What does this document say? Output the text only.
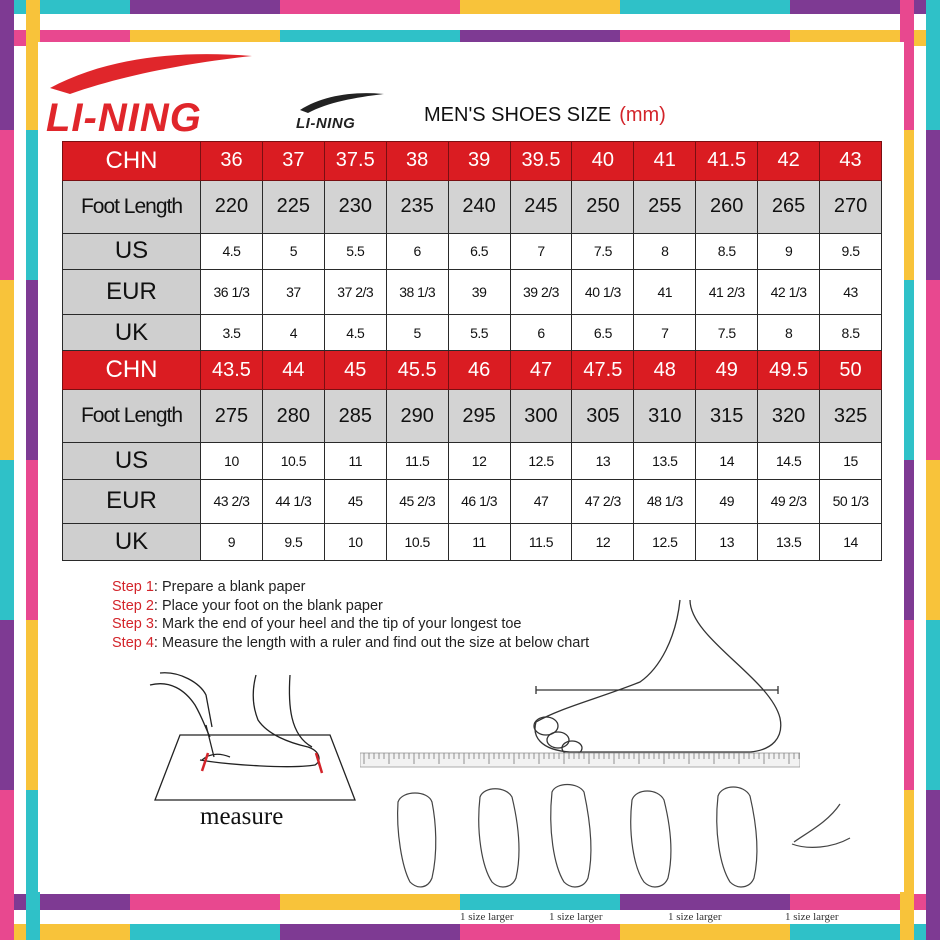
LI-NING	LI-NING	MEN'S SHOES SIZE (mm)
CHN	36	37	37.5	38	39	39.5	40	41	41.5	42	43
Foot Length	220	225	230	235	240	245	250	255	260	265	270
US	4.5	5	5.5	6	6.5	7	7.5	8	8.5	9	9.5
EUR	36 1/3	37	37 2/3	38 1/3	39	39 2/3	40 1/3	41	41 2/3	42 1/3	43
UK	3.5	4	4.5	5	5.5	6	6.5	7	7.5	8	8.5
CHN	43.5	44	45	45.5	46	47	47.5	48	49	49.5	50
Foot Length	275	280	285	290	295	300	305	310	315	320	325
US	10	10.5	11	11.5	12	12.5	13	13.5	14	14.5	15
EUR	43 2/3	44 1/3	45	45 2/3	46 1/3	47	47 2/3	48 1/3	49	49 2/3	50 1/3
UK	9	9.5	10	10.5	11	11.5	12	12.5	13	13.5	14
Step 1: Prepare a blank paper
Step 2: Place your foot on the blank paper
Step 3: Mark the end of your heel and the tip of your longest toe
Step 4: Measure the length with a ruler and find out the size at below chart
measure
1 size larger	1 size larger	1 size larger	1 size larger
